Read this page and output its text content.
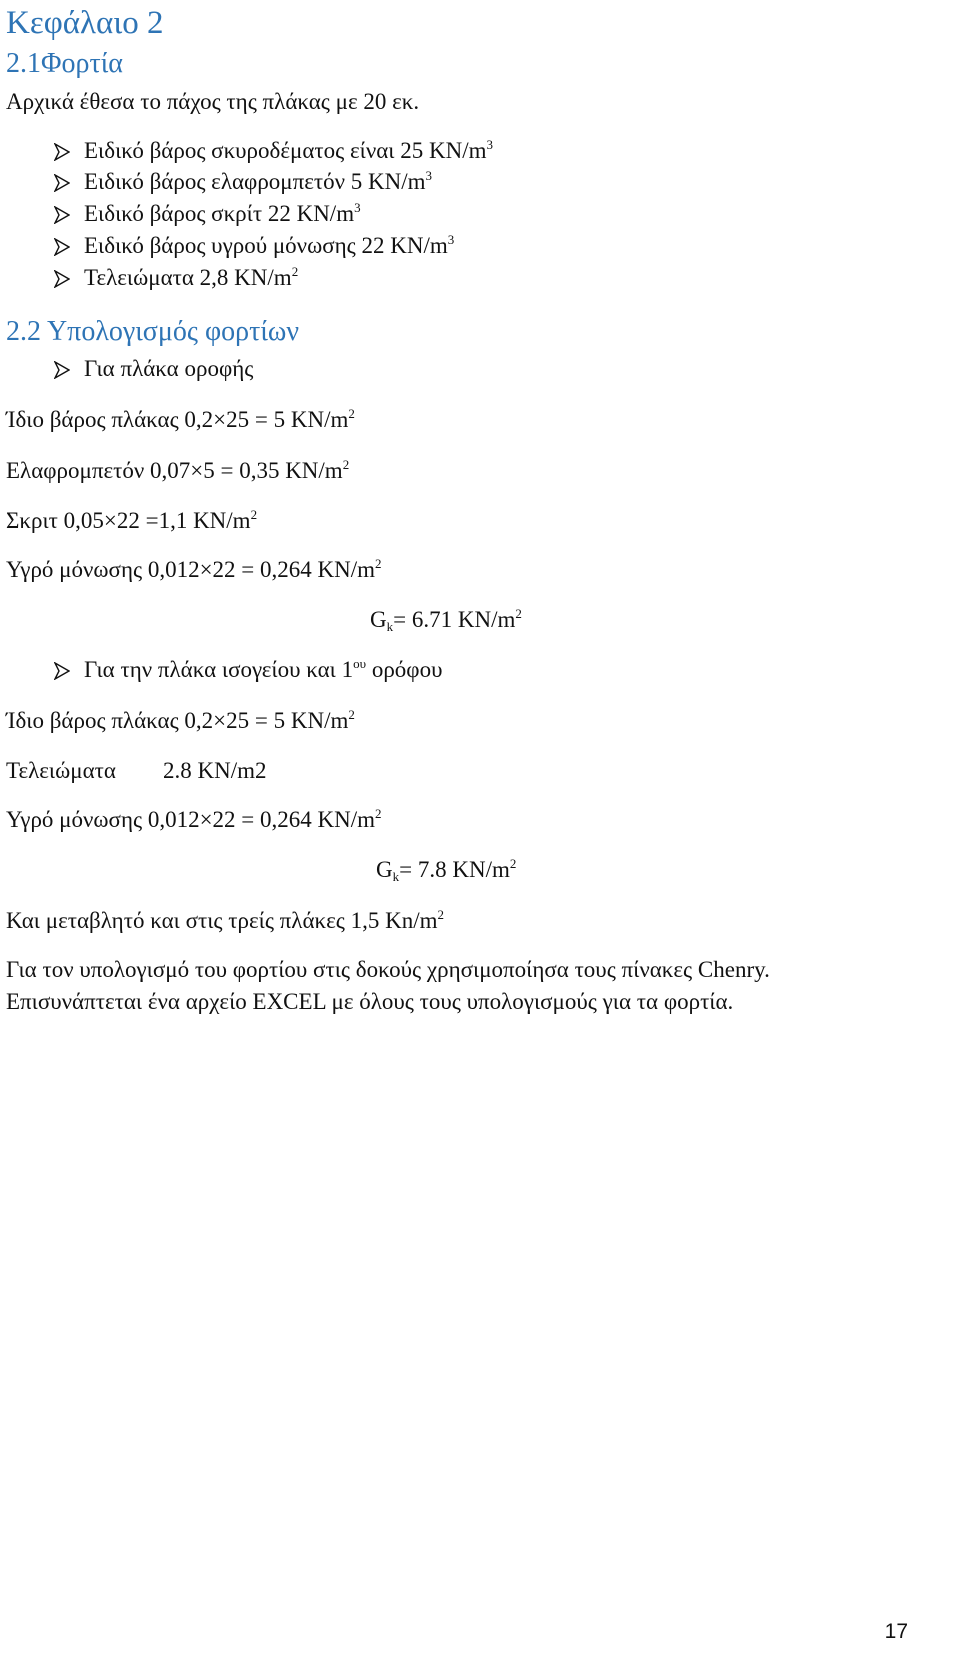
Κεφάλαιο 2
2.1Φορτία
Αρχικά έθεσα το πάχος της πλάκας με 20 εκ.
Ειδικό βάρος σκυροδέματος είναι 25 $KN/m^3$
Ειδικό βάρος ελαφρομπετόν 5 $KN/m^3$
Ειδικό βάρος σκρίτ 22 $KN/m^3$
Ειδικό βάρος υγρού μόνωσης 22 $KN/m^3$
Τελειώματα 2,8 $KN/m^2$
2.2 Υπολογισμός φορτίων
Για πλάκα οροφής
Ίδιο βάρος πλάκας 0,2×25 = 5 $KN/m^2$
Ελαφρομπετόν 0,07×5 = 0,35 $KN/m^2$
Σκριτ 0,05×22 =1,1 $KN/m^2$
Υγρό μόνωσης 0,012×22 = 0,264 $KN/m^2$
$G_k= 6.71$ $KN/m^2$
Για την πλάκα ισογείου και $1^{o\upsilon}$ ορόφου
Ίδιο βάρος πλάκας 0,2×25 = 5 $KN/m^2$
Τελειώματα 2.8 KN/m2
Υγρό μόνωσης 0,012×22 = 0,264 $KN/m^2$
$G_k= 7.8$ $KN/m^2$
Και μεταβλητό και στις τρείς πλάκες 1,5 $Kn/m^2$
Για τον υπολογισμό του φορτίου στις δοκούς χρησιμοποίησα τους πίνακες Chenry.
Επισυνάπτεται ένα αρχείο EXCEL με όλους τους υπολογισμούς για τα φορτία.
17
